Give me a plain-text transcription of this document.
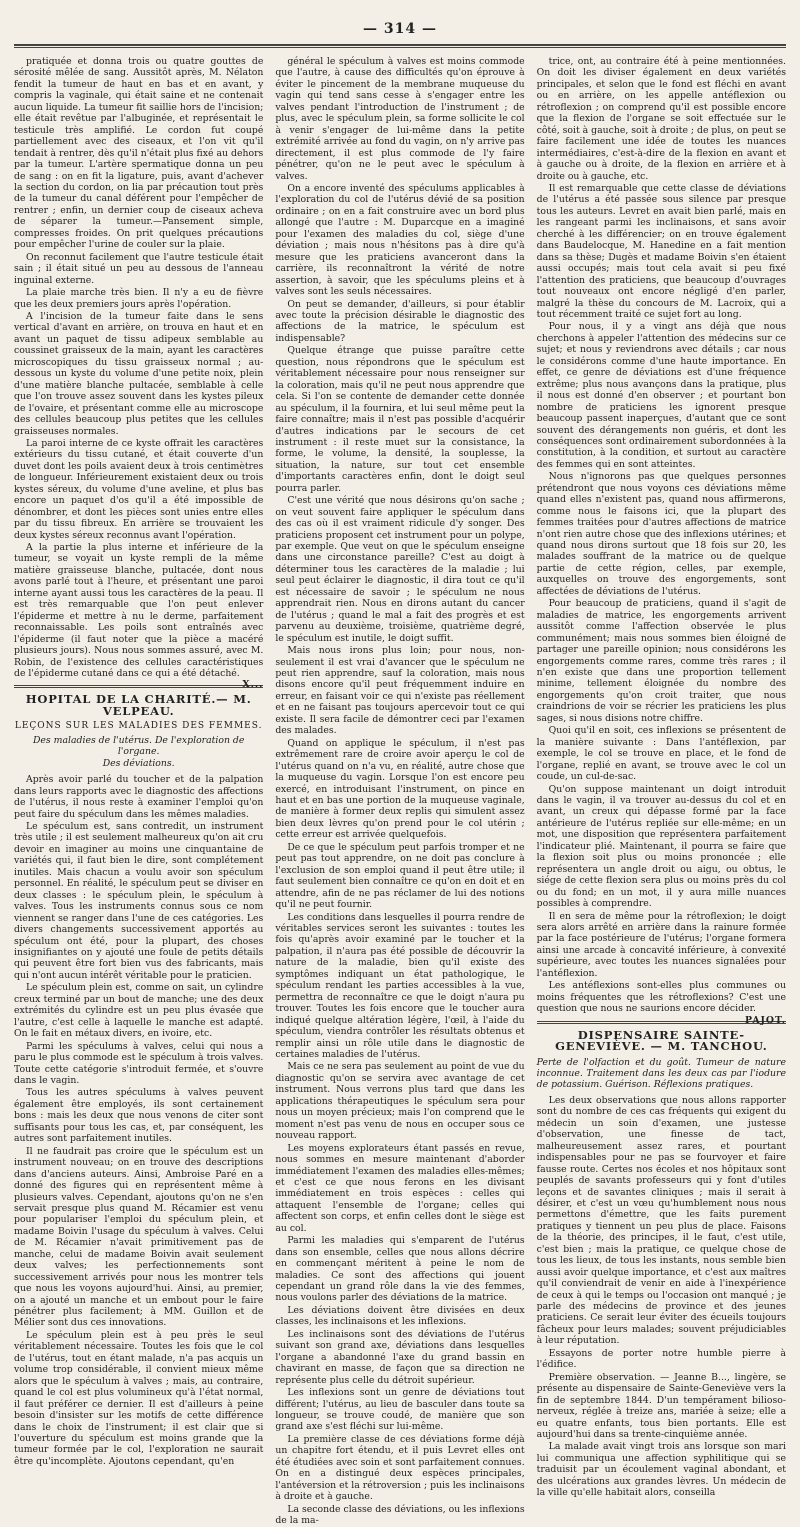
— 314 —

pratiquée et donna trois ou quatre gouttes de sérosité mêlée de sang. Aussitôt après, M. Nélaton fendit la tumeur de haut en bas et en avant, y compris la vaginale, qui était saine et ne contenait aucun liquide. La tumeur fit saillie hors de l'incision; elle était revêtue par l'albuginée, et représentait le testicule très amplifié. Le cordon fut coupé partiellement avec des ciseaux, et l'on vit qu'il tendait à rentrer, dès qu'il n'était plus fixé au dehors par la tumeur. L'artère spermatique donna un peu de sang : on en fit la ligature, puis, avant d'achever la section du cordon, on lia par précaution tout près de la tumeur du canal déférent pour l'empêcher de rentrer ; enfin, un dernier coup de ciseaux acheva de séparer la tumeur.—Pansement simple, compresses froides. On prit quelques précautions pour empêcher l'urine de couler sur la plaie.

On reconnut facilement que l'autre testicule était sain ; il était situé un peu au dessous de l'anneau inguinal externe.

La plaie marche très bien. Il n'y a eu de fièvre que les deux premiers jours après l'opération.

A l'incision de la tumeur faite dans le sens vertical d'avant en arrière, on trouva en haut et en avant un paquet de tissu adipeux semblable au coussinet graisseux de la main, ayant les caractères microscopiques du tissu graisseux normal ; au-dessous un kyste du volume d'une petite noix, plein d'une matière blanche pultacée, semblable à celle que l'on trouve assez souvent dans les kystes pileux de l'ovaire, et présentant comme elle au microscope des cellules beaucoup plus petites que les cellules graisseuses normales.

La paroi interne de ce kyste offrait les caractères extérieurs du tissu cutané, et était couverte d'un duvet dont les poils avaient deux à trois centimètres de longueur. Inférieurement existaient deux ou trois kystes séreux, du volume d'une aveline, et plus bas encore un paquet d'os qu'il a été impossible de dénombrer, et dont les pièces sont unies entre elles par du tissu fibreux. En arrière se trouvaient les deux kystes séreux reconnus avant l'opération.

A la partie la plus interne et inférieure de la tumeur, se voyait un kyste rempli de la même matière graisseuse blanche, pultacée, dont nous avons parlé tout à l'heure, et présentant une paroi interne ayant aussi tous les caractères de la peau. Il est très remarquable que l'on peut enlever l'épiderme et mettre à nu le derme, parfaitement reconnaissable. Les poils sont entraînés avec l'épiderme (il faut noter que la pièce a macéré plusieurs jours). Nous nous sommes assuré, avec M. Robin, de l'existence des cellules caractéristiques de l'épiderme cutané dans ce qui a été détaché.
X...

HOPITAL DE LA CHARITÉ.— M. VELPEAU.
LEÇONS SUR LES MALADIES DES FEMMES.
Des maladies de l'utérus. De l'exploration de l'organe.
Des déviations.

Après avoir parlé du toucher et de la palpation dans leurs rapports avec le diagnostic des affections de l'utérus, il nous reste à examiner l'emploi qu'on peut faire du spéculum dans les mêmes maladies.

Le spéculum est, sans contredit, un instrument très utile ; il est seulement malheureux qu'on ait cru devoir en imaginer au moins une cinquantaine de variétés qui, il faut bien le dire, sont complétement inutiles. Mais chacun a voulu avoir son spéculum personnel. En réalité, le spéculum peut se diviser en deux classes : le spéculum plein, le spéculum à valves. Tous les instruments connus sous ce nom viennent se ranger dans l'une de ces catégories. Les divers changements successivement apportés au spéculum ont été, pour la plupart, des choses insignifiantes on y ajouté une foule de petits détails qui peuvent être fort bien vus des fabricants, mais qui n'ont aucun intérêt véritable pour le praticien.

Le spéculum plein est, comme on sait, un cylindre creux terminé par un bout de manche; une des deux extrémités du cylindre est un peu plus évasée que l'autre, c'est celle à laquelle le manche est adapté. On le fait en métaux divers, en ivoire, etc.

Parmi les spéculums à valves, celui qui nous a paru le plus commode est le spéculum à trois valves. Toute cette catégorie s'introduit fermée, et s'ouvre dans le vagin.

Tous les autres spéculums à valves peuvent également être employés, ils sont certainement bons : mais les deux que nous venons de citer sont suffisants pour tous les cas, et, par conséquent, les autres sont parfaitement inutiles.

Il ne faudrait pas croire que le spéculum est un instrument nouveau; on en trouve des descriptions dans d'anciens auteurs. Ainsi, Ambroise Paré en a donné des figures qui en représentent même à plusieurs valves. Cependant, ajoutons qu'on ne s'en servait presque plus quand M. Récamier est venu pour populariser l'emploi du spéculum plein, et madame Boivin l'usage du spéculum à valves. Celui de M. Récamier n'avait primitivement pas de manche, celui de madame Boivin avait seulement deux valves; les perfectionnements sont successivement arrivés pour nous les montrer tels que nous les voyons aujourd'hui. Ainsi, au premier, on a ajouté un manche et un embout pour le faire pénétrer plus facilement; à MM. Guillon et de Mélier sont dus ces innovations.

Le spéculum plein est à peu près le seul véritablement nécessaire. Toutes les fois que le col de l'utérus, tout en étant malade, n'a pas acquis un volume trop considérable, il convient mieux même alors que le spéculum à valves ; mais, au contraire, quand le col est plus volumineux qu'à l'état normal, il faut préférer ce dernier. Il est d'ailleurs à peine besoin d'insister sur les motifs de cette différence dans le choix de l'instrument; il est clair que si l'ouverture du spéculum est moins grande que la tumeur formée par le col, l'exploration ne saurait être qu'incomplète. Ajoutons cependant, qu'en

général le spéculum à valves est moins commode que l'autre, à cause des difficultés qu'on éprouve à éviter le pincement de la membrane muqueuse du vagin qui tend sans cesse à s'engager entre les valves pendant l'introduction de l'instrument ; de plus, avec le spéculum plein, sa forme sollicite le col à venir s'engager de lui-même dans la petite extrémité arrivée au fond du vagin, on n'y arrive pas directement, il est plus commode de l'y faire pénétrer, qu'on ne le peut avec le spéculum à valves.

On a encore inventé des spéculums applicables à l'exploration du col de l'utérus dévié de sa position ordinaire ; on en a fait construire avec un bord plus allongé que l'autre : M. Duparcque en a imaginé pour l'examen des maladies du col, siège d'une déviation ; mais nous n'hésitons pas à dire qu'à mesure que les praticiens avanceront dans la carrière, ils reconnaîtront la vérité de notre assertion, à savoir, que les spéculums pleins et à valves sont les seuls nécessaires.

On peut se demander, d'ailleurs, si pour établir avec toute la précision désirable le diagnostic des affections de la matrice, le spéculum est indispensable?

Quelque étrange que puisse paraître cette question, nous répondrons que le spéculum est véritablement nécessaire pour nous renseigner sur la coloration, mais qu'il ne peut nous apprendre que cela. Si l'on se contente de demander cette donnée au spéculum, il la fournira, et lui seul même peut la faire connaître; mais il n'est pas possible d'acquérir d'autres indications par le secours de cet instrument : il reste muet sur la consistance, la forme, le volume, la densité, la souplesse, la situation, la nature, sur tout cet ensemble d'importants caractères enfin, dont le doigt seul pourra parler.

C'est une vérité que nous désirons qu'on sache ; on veut souvent faire appliquer le spéculum dans des cas où il est vraiment ridicule d'y songer. Des praticiens proposent cet instrument pour un polype, par exemple. Que veut on que le spéculum enseigne dans une circonstance pareille? C'est au doigt à déterminer tous les caractères de la maladie ; lui seul peut éclairer le diagnostic, il dira tout ce qu'il est nécessaire de savoir ; le spéculum ne nous apprendrait rien. Nous en dirons autant du cancer de l'utérus ; quand le mal a fait des progrès et est parvenu au deuxième, troisième, quatrième degré, le spéculum est inutile, le doigt suffit.

Mais nous irons plus loin; pour nous, non-seulement il est vrai d'avancer que le spéculum ne peut rien apprendre, sauf la coloration, mais nous disons encore qu'il peut fréquemment induire en erreur, en faisant voir ce qui n'existe pas réellement et en ne faisant pas toujours apercevoir tout ce qui existe. Il sera facile de démontrer ceci par l'examen des malades.

Quand on applique le spéculum, il n'est pas extrêmement rare de croire avoir aperçu le col de l'utérus quand on n'a vu, en réalité, autre chose que la muqueuse du vagin. Lorsque l'on est encore peu exercé, en introduisant l'instrument, on pince en haut et en bas une portion de la muqueuse vaginale, de manière à former deux replis qui simulent assez bien deux lèvres qu'on prend pour le col utérin ; cette erreur est arrivée quelquefois.

De ce que le spéculum peut parfois tromper et ne peut pas tout apprendre, on ne doit pas conclure à l'exclusion de son emploi quand il peut être utile; il faut seulement bien connaître ce qu'on en doit et en attendre, afin de ne pas réclamer de lui des notions qu'il ne peut fournir.

Les conditions dans lesquelles il pourra rendre de véritables services seront les suivantes : toutes les fois qu'après avoir examiné par le toucher et la palpation, il n'aura pas été possible de découvrir la nature de la maladie, bien qu'il existe des symptômes indiquant un état pathologique, le spéculum rendant les parties accessibles à la vue, permettra de reconnaître ce que le doigt n'aura pu trouver. Toutes les fois encore que le toucher aura indiqué quelque altération légère, l'œil, à l'aide du spéculum, viendra contrôler les résultats obtenus et remplir ainsi un rôle utile dans le diagnostic de certaines maladies de l'utérus.

Mais ce ne sera pas seulement au point de vue du diagnostic qu'on se servira avec avantage de cet instrument. Nous verrons plus tard que dans les applications thérapeutiques le spéculum sera pour nous un moyen précieux; mais l'on comprend que le moment n'est pas venu de nous en occuper sous ce nouveau rapport.

Les moyens explorateurs étant passés en revue, nous sommes en mesure maintenant d'aborder immédiatement l'examen des maladies elles-mêmes; et c'est ce que nous ferons en les divisant immédiatement en trois espèces : celles qui attaquent l'ensemble de l'organe; celles qui affectent son corps, et enfin celles dont le siège est au col.

Parmi les maladies qui s'emparent de l'utérus dans son ensemble, celles que nous allons décrire en commençant méritent à peine le nom de maladies. Ce sont des affections qui jouent cependant un grand rôle dans la vie des femmes, nous voulons parler des déviations de la matrice.

Les déviations doivent être divisées en deux classes, les inclinaisons et les inflexions.

Les inclinaisons sont des déviations de l'utérus suivant son grand axe, déviations dans lesquelles l'organe a abandonné l'axe du grand bassin en chavirant en masse, de façon que sa direction ne représente plus celle du détroit supérieur.

Les inflexions sont un genre de déviations tout différent; l'utérus, au lieu de basculer dans toute sa longueur, se trouve coudé, de manière que son grand axe s'est fléchi sur lui-même.

La première classe de ces déviations forme déjà un chapitre fort étendu, et il puis Levret elles ont été étudiées avec soin et sont parfaitement connues. On en a distingué deux espèces principales, l'antéversion et la rétroversion ; puis les inclinaisons à droite et à gauche.

La seconde classe des déviations, ou les inflexions de la ma-

trice, ont, au contraire été à peine mentionnées. On doit les diviser également en deux variétés principales, et selon que le fond est fléchi en avant ou en arrière, on les appelle antéflexion ou rétroflexion ; on comprend qu'il est possible encore que la flexion de l'organe se soit effectuée sur le côté, soit à gauche, soit à droite ; de plus, on peut se faire facilement une idée de toutes les nuances intermédiaires, c'est-à-dire de la flexion en avant et à gauche ou à droite, de la flexion en arrière et à droite ou à gauche, etc.

Il est remarquable que cette classe de déviations de l'utérus a été passée sous silence par presque tous les auteurs. Levret en avait bien parlé, mais en les rangeant parmi les inclinaisons, et sans avoir cherché à les différencier; on en trouve également dans Baudelocque, M. Hanedine en a fait mention dans sa thèse; Dugès et madame Boivin s'en étaient aussi occupés; mais tout cela avait si peu fixé l'attention des praticiens, que beaucoup d'ouvrages tout nouveaux ont encore négligé d'en parler, malgré la thèse du concours de M. Lacroix, qui a tout récemment traité ce sujet fort au long.

Pour nous, il y a vingt ans déjà que nous cherchons à appeler l'attention des médecins sur ce sujet; et nous y reviendrons avec détails ; car nous le considérons comme d'une haute importance. En effet, ce genre de déviations est d'une fréquence extrême; plus nous avançons dans la pratique, plus il nous est donné d'en observer ; et pourtant bon nombre de praticiens les ignorent presque beaucoup passent inaperçues, d'autant que ce sont souvent des dérangements non guéris, et dont les conséquences sont ordinairement subordonnées à la constitution, à la condition, et surtout au caractère des femmes qui en sont atteintes.

Nous n'ignorons pas que quelques personnes prétendront que nous voyons ces déviations même quand elles n'existent pas, quand nous affirmerons, comme nous le faisons ici, que la plupart des femmes traitées pour d'autres affections de matrice n'ont rien autre chose que des inflexions utérines; et quand nous dirons surtout que 18 fois sur 20, les malades souffrant de la matrice ou de quelque partie de cette région, celles, par exemple, auxquelles on trouve des engorgements, sont affectées de déviations de l'utérus.

Pour beaucoup de praticiens, quand il s'agit de maladies de matrice, les engorgements arrivent aussitôt comme l'affection observée le plus communément; mais nous sommes bien éloigné de partager une pareille opinion; nous considérons les engorgements comme rares, comme très rares ; il n'en existe que dans une proportion tellement minime, tellement éloignée du nombre des engorgements qu'on croit traiter, que nous craindrions de voir se récrier les praticiens les plus sages, si nous disions notre chiffre.

Quoi qu'il en soit, ces inflexions se présentent de la manière suivante : Dans l'antéflexion, par exemple, le col se trouve en place, et le fond de l'organe, replié en avant, se trouve avec le col un coude, un cul-de-sac.

Qu'on suppose maintenant un doigt introduit dans le vagin, il va trouver au-dessus du col et en avant, un creux qui dépasse formé par la face antérieure de l'utérus repliée sur elle-même; en un mot, une disposition que représentera parfaitement l'indicateur plié. Maintenant, il pourra se faire que la flexion soit plus ou moins prononcée ; elle représentera un angle droit ou aigu, ou obtus, le siége de cette flexion sera plus ou moins près du col ou du fond; en un mot, il y aura mille nuances possibles à comprendre.

Il en sera de même pour la rétroflexion; le doigt sera alors arrêté en arrière dans la rainure formée par la face postérieure de l'utérus; l'organe formera ainsi une arcade à concavité inférieure, à convexité supérieure, avec toutes les nuances signalées pour l'antéflexion.

Les antéflexions sont-elles plus communes ou moins fréquentes que les rétroflexions? C'est une question que nous ne saurions encore décider.
PAJOT.

DISPENSAIRE SAINTE-GENEVIÈVE. — M. TANCHOU.

Perte de l'olfaction et du goût. Tumeur de nature inconnue. Traitement dans les deux cas par l'iodure de potassium. Guérison. Réflexions pratiques.

Les deux observations que nous allons rapporter sont du nombre de ces cas fréquents qui exigent du médecin un soin d'examen, une justesse d'observation, une finesse de tact, malheureusement assez rares, et pourtant indispensables pour ne pas se fourvoyer et faire fausse route. Certes nos écoles et nos hôpitaux sont peuplés de savants professeurs qui y font d'utiles leçons et de savantes cliniques ; mais il serait à désirer, et c'est un vœu qu'humblement nous nous permettons d'émettre, que les faits purement pratiques y tiennent un peu plus de place. Faisons de la théorie, des principes, il le faut, c'est utile, c'est bien ; mais la pratique, ce quelque chose de tous les lieux, de tous les instants, nous semble bien aussi avoir quelque importance, et c'est aux maîtres qu'il conviendrait de venir en aide à l'inexpérience de ceux à qui le temps ou l'occasion ont manqué ; je parle des médecins de province et des jeunes praticiens. Ce serait leur éviter des écueils toujours fâcheux pour leurs malades; souvent préjudiciables à leur réputation.

Essayons de porter notre humble pierre à l'édifice.

Première observation. — Jeanne B..., lingère, se présente au dispensaire de Sainte-Geneviève vers la fin de septembre 1844. D'un tempérament bilioso-nerveux, réglée à treize ans, mariée à seize; elle a eu quatre enfants, tous bien portants. Elle est aujourd'hui dans sa trente-cinquième année.

La malade avait vingt trois ans lorsque son mari lui communiqua une affection syphilitique qui se traduisit par un écoulement vaginal abondant, et des ulcérations aux grandes lèvres. Un médecin de la ville qu'elle habitait alors, conseilla
